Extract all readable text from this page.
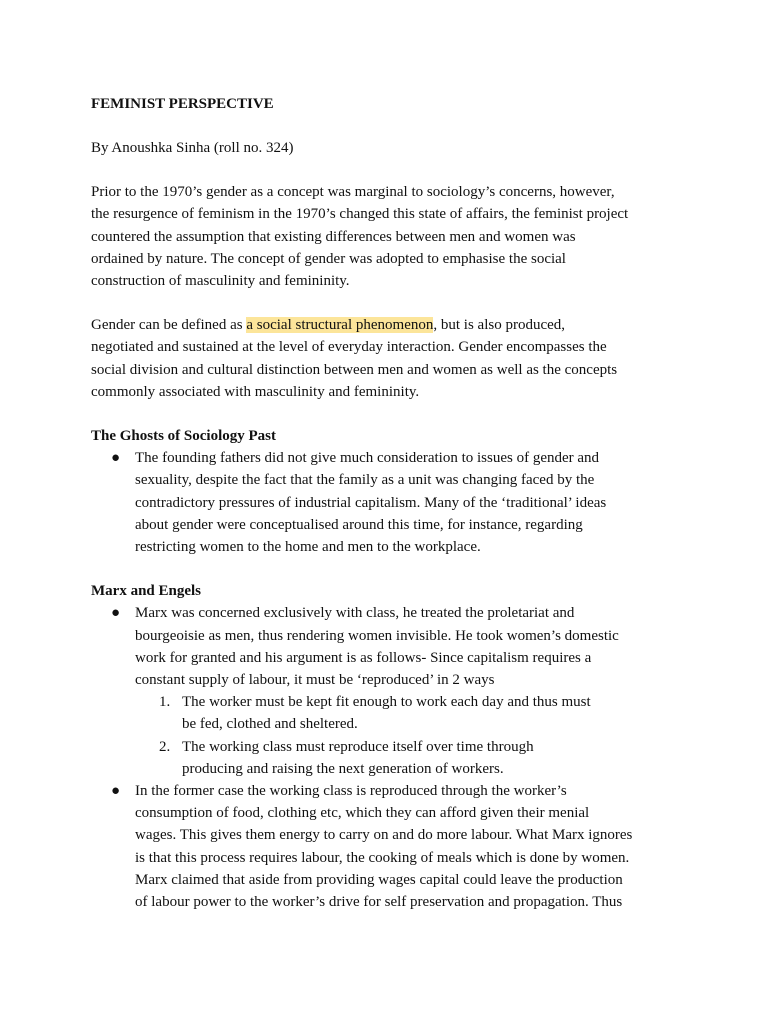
FEMINIST PERSPECTIVE

By Anoushka Sinha (roll no. 324)

Prior to the 1970’s gender as a concept was marginal to sociology’s concerns, however,
the resurgence of feminism in the 1970’s changed this state of affairs, the feminist project
countered the assumption that existing differences between men and women was
ordained by nature. The concept of gender was adopted to emphasise the social
construction of masculinity and femininity.

Gender can be defined as a social structural phenomenon, but is also produced,
negotiated and sustained at the level of everyday interaction. Gender encompasses the
social division and cultural distinction between men and women as well as the concepts
commonly associated with masculinity and femininity.

The Ghosts of Sociology Past

● The founding fathers did not give much consideration to issues of gender and
sexuality, despite the fact that the family as a unit was changing faced by the
contradictory pressures of industrial capitalism. Many of the ‘traditional’ ideas
about gender were conceptualised around this time, for instance, regarding
restricting women to the home and men to the workplace.

Marx and Engels

● Marx was concerned exclusively with class, he treated the proletariat and
bourgeoisie as men, thus rendering women invisible. He took women’s domestic
work for granted and his argument is as follows- Since capitalism requires a
constant supply of labour, it must be ‘reproduced’ in 2 ways
1. The worker must be kept fit enough to work each day and thus must
be fed, clothed and sheltered.
2. The working class must reproduce itself over time through
producing and raising the next generation of workers.
● In the former case the working class is reproduced through the worker’s
consumption of food, clothing etc, which they can afford given their menial
wages. This gives them energy to carry on and do more labour. What Marx ignores
is that this process requires labour, the cooking of meals which is done by women.
Marx claimed that aside from providing wages capital could leave the production
of labour power to the worker’s drive for self preservation and propagation. Thus
